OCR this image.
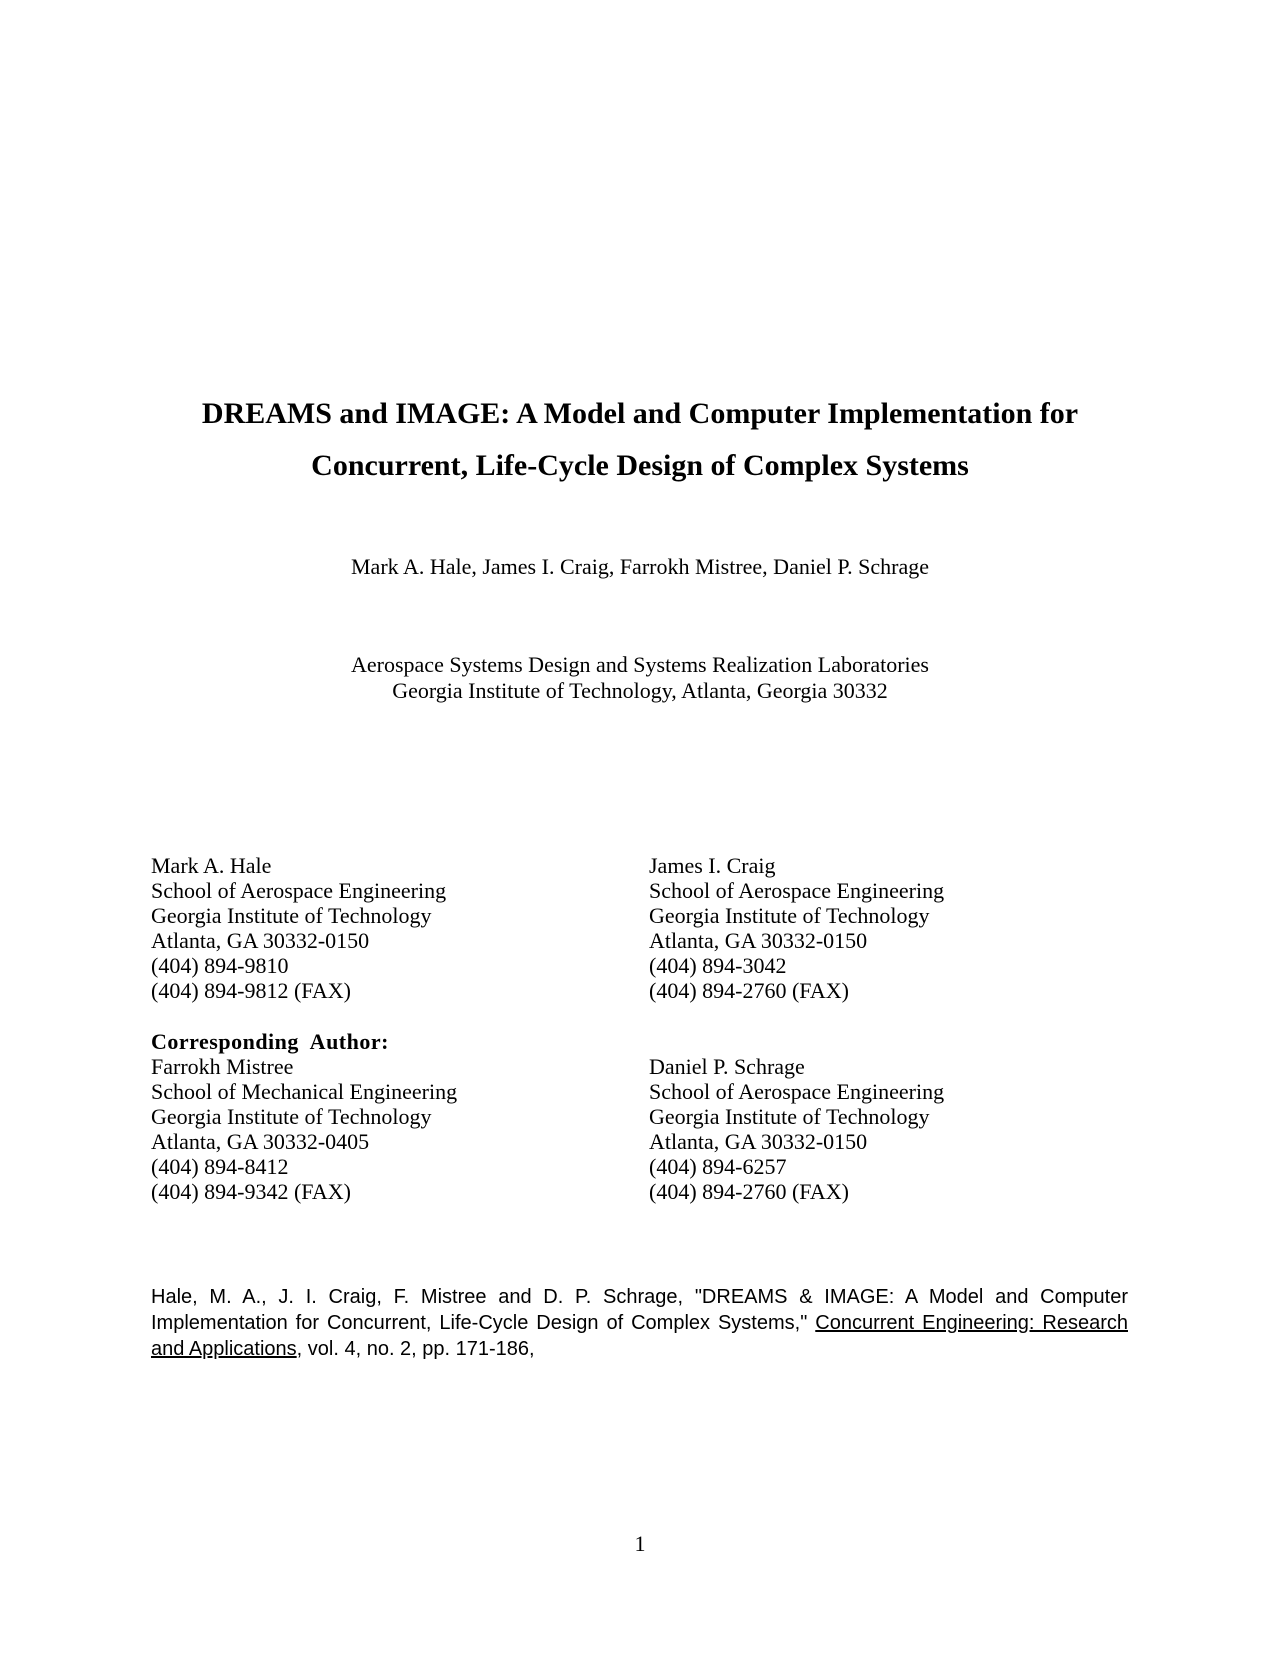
DREAMS and IMAGE: A Model and Computer Implementation for
Concurrent, Life-Cycle Design of Complex Systems
Mark A. Hale, James I. Craig, Farrokh Mistree, Daniel P. Schrage
Aerospace Systems Design and Systems Realization Laboratories
Georgia Institute of Technology, Atlanta, Georgia 30332
Mark A. Hale
School of Aerospace Engineering
Georgia Institute of Technology
Atlanta, GA 30332-0150
(404) 894-9810
(404) 894-9812 (FAX)
James I. Craig
School of Aerospace Engineering
Georgia Institute of Technology
Atlanta, GA 30332-0150
(404) 894-3042
(404) 894-2760 (FAX)
Corresponding Author:
Farrokh Mistree
School of Mechanical Engineering
Georgia Institute of Technology
Atlanta, GA 30332-0405
(404) 894-8412
(404) 894-9342 (FAX)
Daniel P. Schrage
School of Aerospace Engineering
Georgia Institute of Technology
Atlanta, GA 30332-0150
(404) 894-6257
(404) 894-2760 (FAX)

Hale, M. A., J. I. Craig, F. Mistree and D. P. Schrage, "DREAMS & IMAGE: A Model and Computer Implementation for Concurrent, Life-Cycle Design of Complex Systems," Concurrent Engineering: Research and Applications, vol. 4, no. 2, pp. 171-186,

1
